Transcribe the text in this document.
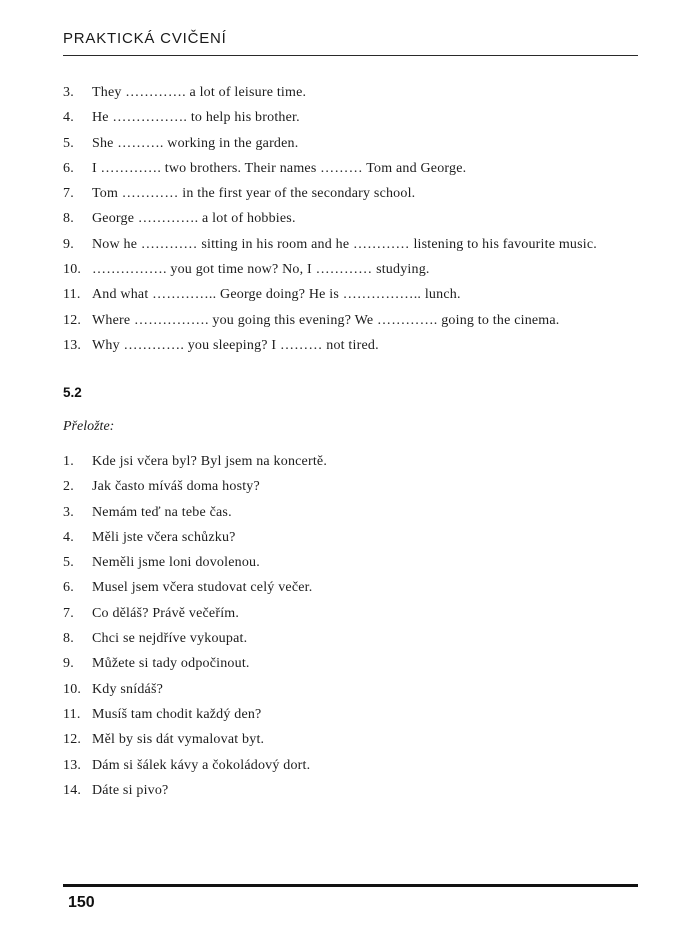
PRAKTICKÁ CVIČENÍ
3.	They …………. a lot of leisure time.
4.	He ……………. to help his brother.
5.	She ………. working in the garden.
6.	I …………. two brothers. Their names ……… Tom and George.
7.	Tom ………… in the first year of the secondary school.
8.	George …………. a lot of hobbies.
9.	Now he ………… sitting in his room and he ………… listening to his favourite music.
10. ……………. you got time now? No, I ………… studying.
11. And what ………….. George doing? He is …………….. lunch.
12. Where ……………. you going this evening? We …………. going to the cinema.
13. Why …………. you sleeping? I ……… not tired.
5.2
Přeložte:
1.	Kde jsi včera byl? Byl jsem na koncertě.
2.	Jak často míváš doma hosty?
3.	Nemám teď na tebe čas.
4.	Měli jste včera schůzku?
5.	Neměli jsme loni dovolenou.
6.	Musel jsem včera studovat celý večer.
7.	Co děláš? Právě večeřím.
8.	Chci se nejdříve vykoupat.
9.	Můžete si tady odpočinout.
10. Kdy snídáš?
11. Musíš tam chodit každý den?
12. Měl by sis dát vymalovat byt.
13. Dám si šálek kávy a čokoládový dort.
14. Dáte si pivo?
150
